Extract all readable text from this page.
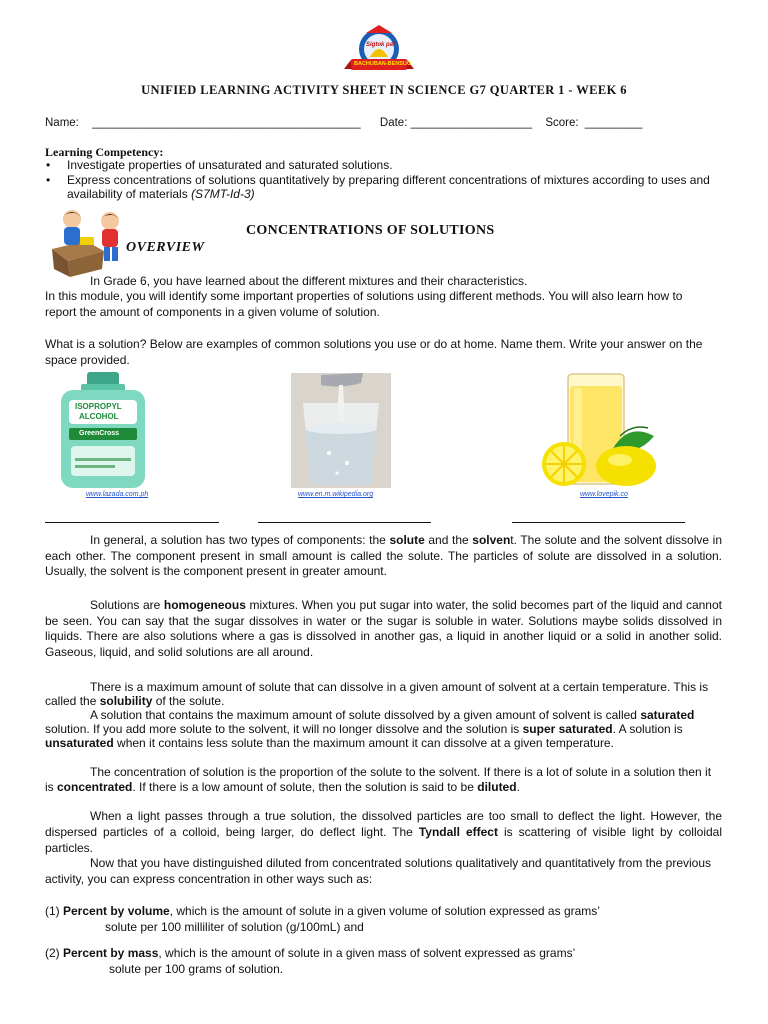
Sigtok pa!
BACHUBAN-BENSUG
UNIFIED LEARNING ACTIVITY SHEET IN SCIENCE G7 QUARTER 1 - WEEK 6
Name: __________________________________________ Date: ___________________ Score: _________
Learning Competency:
• Investigate properties of unsaturated and saturated solutions.
• Express concentrations of solutions quantitatively by preparing different concentrations of mixtures according to uses and availability of materials (S7MT-Id-3)
CONCENTRATIONS OF SOLUTIONS
OVERVIEW
In Grade 6, you have learned about the different mixtures and their characteristics.
In this module, you will identify some important properties of solutions using different methods. You will also learn how to report the amount of components in a given volume of solution.
What is a solution? Below are examples of common solutions you use or do at home. Name them. Write your answer on the space provided.
ISOPROPYL
ALCOHOL
GreenCross
www.lazada.com.ph	www.en.m.wikipedia.org	www.lovepik.co
In general, a solution has two types of components: the solute and the solvent. The solute and the solvent dissolve in each other. The component present in small amount is called the solute. The particles of solute are dissolved in a solution. Usually, the solvent is the component present in greater amount.
Solutions are homogeneous mixtures. When you put sugar into water, the solid becomes part of the liquid and cannot be seen. You can say that the sugar dissolves in water or the sugar is soluble in water. Solutions maybe solids dissolved in liquids. There are also solutions where a gas is dissolved in another gas, a liquid in another liquid or a solid in another solid. Gaseous, liquid, and solid solutions are all around.
There is a maximum amount of solute that can dissolve in a given amount of solvent at a certain temperature. This is called the solubility of the solute.
A solution that contains the maximum amount of solute dissolved by a given amount of solvent is called saturated solution. If you add more solute to the solvent, it will no longer dissolve and the solution is super saturated. A solution is unsaturated when it contains less solute than the maximum amount it can dissolve at a given temperature.
The concentration of solution is the proportion of the solute to the solvent. If there is a lot of solute in a solution then it is concentrated. If there is a low amount of solute, then the solution is said to be diluted.
When a light passes through a true solution, the dissolved particles are too small to deflect the light. However, the dispersed particles of a colloid, being larger, do deflect light. The Tyndall effect is scattering of visible light by colloidal particles.
Now that you have distinguished diluted from concentrated solutions qualitatively and quantitatively from the previous activity, you can express concentration in other ways such as:
(1) Percent by volume, which is the amount of solute in a given volume of solution expressed as grams’
solute per 100 milliliter of solution (g/100mL) and
(2) Percent by mass, which is the amount of solute in a given mass of solvent expressed as grams’
solute per 100 grams of solution.
